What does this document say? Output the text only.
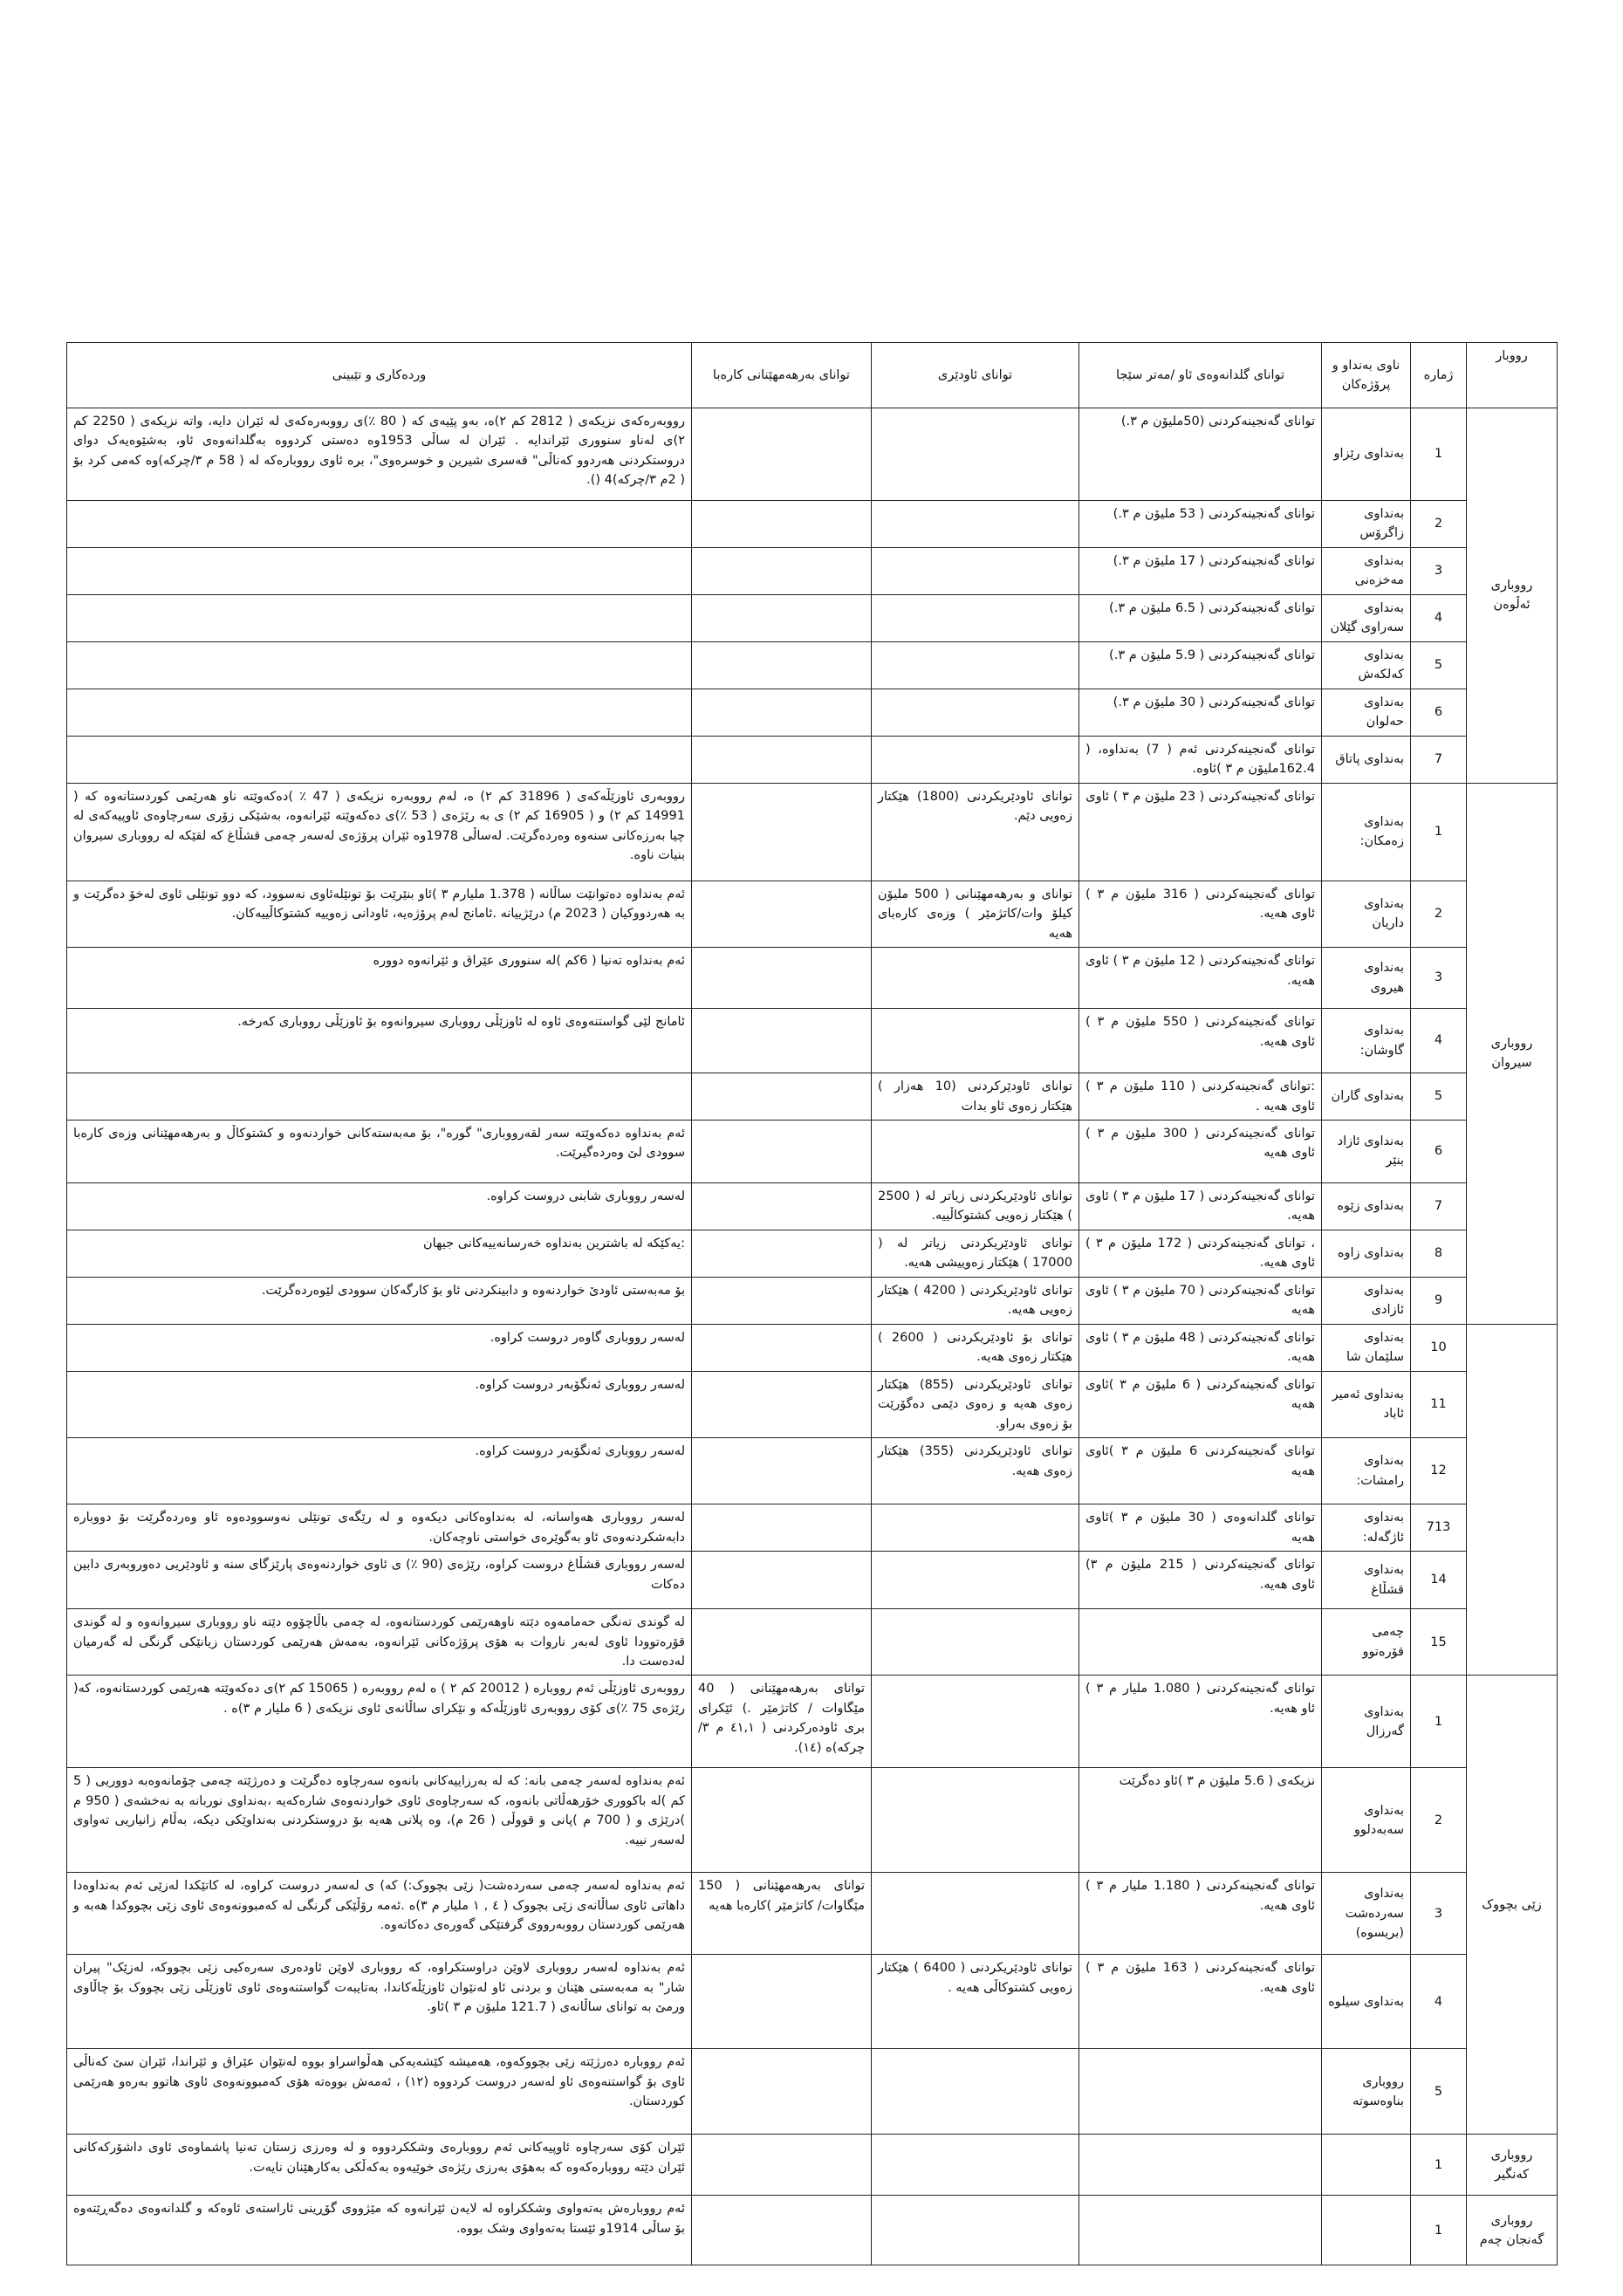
رووبار	ژمارە	ناوی بەنداو و پرۆژەکان	توانای گلدانەوەی ئاو /مەتر سێجا	توانای ئاودێری	توانای بەرهەمهێنانی کارەبا	وردەکاری و تێبینی
رووباری ئەڵوەن	1	بەنداوی رێزاو	توانای گەنجینەکردنی (50ملیۆن م ٣.)			رووبەرەکەی نزیکەی ( 2812 کم ٢)ە، بەو پێیەی کە ( 80 ٪)ی رووبەرەکەی لە ئێران دایە، واتە نزیکەی ( 2250 کم ٢)ی لەناو سنووری ئێراندایە . ئێران لە ساڵی 1953وە دەستی کردووە بەگلدانەوەی ئاو، بەشێوەیەک دوای دروستکردنی هەردوو کەناڵی" قەسری شیرین و خوسرەوی"، برە ئاوی رووبارەکە لە ( 58 م ٣/چرکە)وە کەمی کرد بۆ ( 2م ٣/چرکە)4 ().
	2	بەنداوی زاگرۆس	توانای گەنجینەکردنی ( 53 ملیۆن م ٣.)			
	3	بەنداوی مەخزەنی	توانای گەنجینەکردنی ( 17 ملیۆن م ٣.)			
	4	بەنداوی سەراوی گێلان	توانای گەنجینەکردنی ( 6.5 ملیۆن م ٣.)			
	5	بەنداوی کەلکەش	توانای گەنجینەکردنی ( 5.9 ملیۆن م ٣.)			
	6	بەنداوی حەلوان	توانای گەنجینەکردنی ( 30 ملیۆن م ٣.)			
	7	بەنداوی پاتاق	توانای گەنجینەکردنی ئەم ( 7) بەنداوە، ( 162.4ملیۆن م ٣ )ئاوە.			
رووباری سیروان	1	بەنداوی زەمکان:	توانای گەنجینەکردنی ( 23 ملیۆن م ٣ ) ئاوی	توانای ئاودێریکردنی (1800) هێکتار زەویی دێم.		رووبەری ئاوزێڵەکەی ( 31896 کم ٢) ە، لەم رووبەرە نزیکەی ( 47 ٪ )دەکەوێتە ناو هەرێمی کوردستانەوە کە ( 14991 کم ٢) و ( 16905 کم ٢) ی بە رێژەی ( 53 ٪)ی دەکەوێتە ئێرانەوە، بەشێکی زۆری سەرچاوەی ئاوپیەکەی لە چیا بەرزەکانی سنەوە وەردەگرێت. لەساڵی 1978وە ئێران پرۆژەی لەسەر چەمی قشڵاغ کە لقێکە لە رووباری سیروان بنیات ناوە.
	2	بەنداوی داریان	توانای گەنجینەکردنی ( 316 ملیۆن م ٣ ) ئاوی هەیە.	توانای و بەرهەمهێنانی ( 500 ملیۆن کیلۆ وات/کاتژمێر ) وزەی کارەبای هەیە		ئەم بەنداوە دەتوانێت ساڵانە ( 1.378 ملیارم ٣ )ئاو بنێرێت بۆ تونێلەئاوی نەسوود، کە دوو تونێلی ئاوی لەخۆ دەگرێت و بە هەردووکیان ( 2023 م) درێژییانە .ئامانج لەم پرۆژەیە، ئاودانی زەوییە کشتوکاڵییەکان.
	3	بەنداوی هیروی	توانای گەنجینەکردنی ( 12 ملیۆن م ٣ ) ئاوی هەیە.			ئەم بەنداوە تەنیا ( 6کم )لە سنووری عێراق و ئێرانەوە دوورە
	4	بەنداوی گاوشان:	توانای گەنجینەکردنی ( 550 ملیۆن م ٣ ) ئاوی هەیە.			ئامانج لێی گواستنەوەی ئاوە لە ئاوزێڵی رووباری سیروانەوە بۆ ئاوزێڵی رووباری کەرخە.
	5	بەنداوی گاران	:توانای گەنجینەکردنی ( 110 ملیۆن م ٣ ) ئاوی هەیە .	توانای ئاودێرکردنی (10 هەزار ) هێکتار زەوی ئاو بدات		
	6	بەنداوی ئازاد بنێر	توانای گەنجینەکردنی ( 300 ملیۆن م ٣ ) ئاوی هەیە			ئەم بەنداوە دەکەوێتە سەر لقەرووباری" گورە"، بۆ مەبەستەکانی خواردنەوە و کشتوکاڵ و بەرهەمهێنانی وزەی کارەبا سوودی لێ وەردەگیرێت.
	7	بەنداوی زێوە	توانای گەنجینەکردنی ( 17 ملیۆن م ٣ ) ئاوی هەیە.	توانای ئاودێریکردنی زیاتر لە ( 2500 ) هێکتار زەویی کشتوکاڵییە.		لەسەر رووباری شابنی دروست کراوە.
	8	بەنداوی زاوە	، توانای گەنجینەکردنی ( 172 ملیۆن م ٣ ) ئاوی هەیە.	توانای ئاودێریکردنی زیاتر لە ( 17000 ) هێکتار زەوییشی هەیە.		:یەکێکە لە باشترین بەنداوە خەرسانەییەکانی جیهان
	9	بەنداوی ئازادی	توانای گەنجینەکردنی ( 70 ملیۆن م ٣ ) ئاوی هەیە	توانای ئاودێریکردنی ( 4200 ) هێکتار زەویی هەیە.		بۆ مەبەستی ئاودێ خواردنەوە و دابینکردنی ئاو بۆ کارگەکان سوودی لێوەردەگرێت.
	10	بەنداوی سلێمان شا	توانای گەنجینەکردنی ( 48 ملیۆن م ٣ ) ئاوی هەیە.	توانای بۆ ئاودێریکردنی ( 2600 ) هێکتار زەوی هەیە.		لەسەر رووباری گاوەر دروست کراوە.
	11	بەنداوی ئەمیر ئاباد	توانای گەنجینەکردنی ( 6 ملیۆن م ٣ )ئاوی هەیە	توانای ئاودێریکردنی (855) هێکتار زەوی هەیە و زەوی دێمی دەگۆرێت بۆ زەوی بەراو.		لەسەر رووباری ئەنگۆبەر دروست کراوە.
	12	بەنداوی رامشات:	توانای گەنجینەکردنی 6 ملیۆن م ٣ )ئاوی هەیە	توانای ئاودێریکردنی (355) هێکتار زەوی هەیە.		لەسەر رووباری ئەنگۆبەر دروست کراوە.
	713	بەنداوی ئاژگەلە:	توانای گلدانەوەی ( 30 ملیۆن م ٣ )ئاوی هەیە			لەسەر رووباری هەواسانە، لە بەنداوەکانی دیکەوە و لە رێگەی تونێلی نەوسوودەوە ئاو وەردەگرێت بۆ دووبارە دابەشکردنەوەی ئاو بەگوێرەی خواستی ناوچەکان.
	14	بەنداوی قشڵاغ	توانای گەنجینەکردنی ( 215 ملیۆن م ٣) ئاوی هەیە.			لەسەر رووباری قشڵاغ دروست کراوە، رێژەی (90 ٪) ی ئاوی خواردنەوەی پارێزگای سنە و ئاودێریی دەوروبەری دابین دەکات
	15	چەمی قۆرەتوو				لە گوندی تەنگی حەمامەوە دێتە ناوهەرێمی کوردستانەوە، لە چەمی باڵاچۆوە دێتە ناو رووباری سیروانەوە و لە گوندی قۆرەتوودا ئاوی لەبەر ناروات بە هۆی پرۆژەکانی ئێرانەوە، بەمەش هەرێمی کوردستان زیانێکی گرنگی لە گەرمیان لەدەست دا.
زێی بچووک	1	بەنداوی گەرزال	توانای گەنجینەکردنی ( 1.080 ملیار م ٣ ) ئاو هەیە.		توانای بەرهەمهێنانی ( 40 مێگاوات / کاتژمێر .) ئێکرای بری ئاودەرکردنی ( ٤١,١ م ٣/چرکە)ە (١٤).	رووبەری ئاوزێڵی ئەم رووبارە ( 20012 کم ٢ ) ە لەم رووبەرە ( 15065 کم ٢)ی دەکەوێتە هەرێمی کوردستانەوە، کە( رێژەی 75 ٪)ی کۆی رووبەری ئاوزێڵەکە و نێکرای ساڵانەی ئاوی نزیکەی ( 6 ملیار م ٣)ە .
	2	بەنداوی سەبەدلوو	نزیکەی ( 5.6 ملیۆن م ٣ )ئاو دەگرێت			ئەم بەنداوە لەسەر چەمی بانە: کە لە بەرزاییەکانی بانەوە سەرچاوە دەگرێت و دەرژێتە چەمی چۆمانەوەبە دووریی ( 5 کم )لە باکووری خۆرهەڵاتی بانەوە، کە سەرچاوەی ئاوی خواردنەوەی شارەکەیە ،بەنداوی نوربانە بە نەخشەی ( 950 م )درێژی و ( 700 م )پانی و قووڵی ( 26 م)، وە پلانی هەیە بۆ دروستکردنی بەنداوێکی دیکە، بەڵام زانیاریی تەواوی لەسەر نییە.
	3	بەنداوی سەردەشت (بریسوە)	توانای گەنجینەکردنی ( 1.180 ملیار م ٣ ) ئاوی هەیە.		توانای بەرهەمهێنانی ( 150 مێگاوات/ کاتژمێر )کارەبا هەیە	ئەم بەنداوە لەسەر چەمی سەردەشت( زێی بچووک:) کە) ی لەسەر دروست کراوە، لە کاتێکدا لەزێی ئەم بەنداوەدا داهاتی ئاوی ساڵانەی زێی بچووک ( ٤ , ١ ملیار م ٣)ە .ئەمە رۆڵێکی گرنگی لە کەمبوونەوەی ئاوی زێی بچووکدا هەبە و هەرێمی کوردستان رووبەرووی گرفتێکی گەورەی دەکاتەوە.
	4	بەنداوی سیلوە	توانای گەنجینەکردنی ( 163 ملیۆن م ٣ ) ئاوی هەیە.	توانای ئاودێریکردنی ( 6400 ) هێکتار زەویی کشتوکاڵی هەیە .		ئەم بەنداوە لەسەر رووباری لاوێن دراوستکراوە، کە رووباری لاوێن ئاودەری سەرەکیی زێی بچووکە، لەزێک" پیران شار" بە مەبەستی هێنان و بردنی ئاو لەنێوان ئاوزێڵەکاندا، بەتایبەت گواستنەوەی ئاوی ئاوزێڵی زێی بچووک بۆ چاڵاوی ورمێ بە توانای ساڵانەی ( 121.7 ملیۆن م ٣ )ئاو.
	5	رووباری بناوەسوتە				ئەم رووبارە دەرژێتە زێی بچووکەوە، هەمیشە کێشەیەکی هەڵواسراو بووە لەنێوان عێراق و ئێراندا، ئێران سێ کەناڵی ئاوی بۆ گواستنەوەی ئاو لەسەر دروست کردووە (١٢) ، ئەمەش بووەتە هۆی کەمبوونەوەی ئاوی هاتوو بەرەو هەرێمی کوردستان.
رووباری کەنگیر	1					ئێران کۆی سەرچاوە ئاوپیەکانی ئەم رووبارەی وشککردووە و لە وەرزی زستان تەنیا پاشماوەی ئاوی داشۆرکەکانی ئێران دێتە رووبارەکەوە کە بەهۆی بەرزی رێژەی خوێیەوە بەکەڵکی بەکارهێنان نایەت.
رووباری گەنجان چەم	1					ئەم رووبارەش بەتەواوی وشککراوە لە لایەن ئێرانەوە کە مێژووی گۆڕینی ئاراستەی ئاوەکە و گلدانەوەی دەگەڕێتەوە بۆ ساڵی 1914و ئێستا بەتەواوی وشک بووە.
